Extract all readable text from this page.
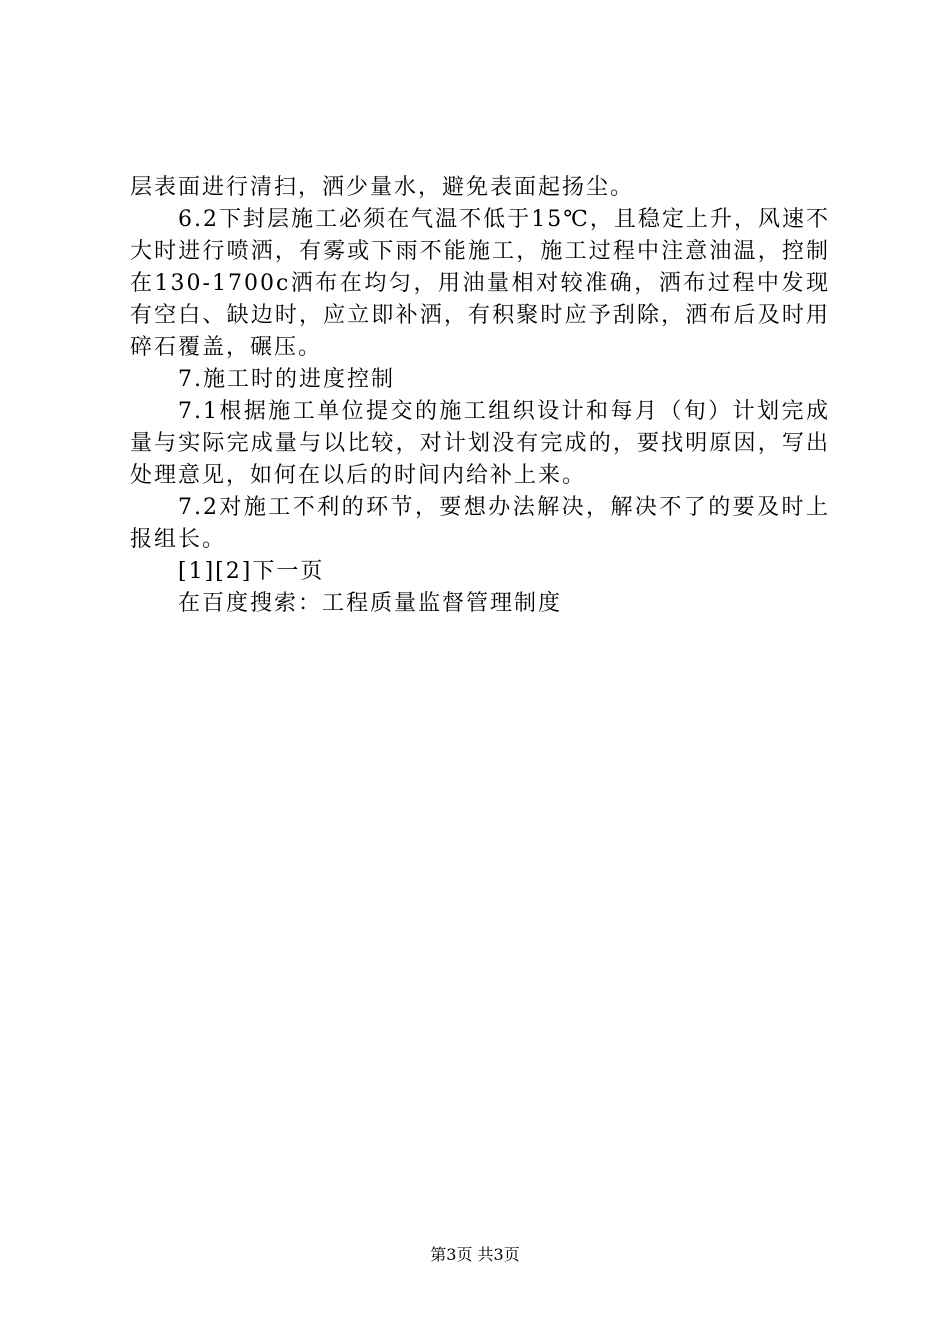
层表面进行清扫，洒少量水，避免表面起扬尘。

6.2下封层施工必须在气温不低于15℃，且稳定上升，风速不大时进行喷洒，有雾或下雨不能施工，施工过程中注意油温，控制在130-1700c洒布在均匀，用油量相对较准确，洒布过程中发现有空白、缺边时，应立即补洒，有积聚时应予刮除，洒布后及时用碎石覆盖，碾压。

7.施工时的进度控制

7.1根据施工单位提交的施工组织设计和每月（旬）计划完成量与实际完成量与以比较，对计划没有完成的，要找明原因，写出处理意见，如何在以后的时间内给补上来。

7.2对施工不利的环节，要想办法解决，解决不了的要及时上报组长。

[1][2]下一页

在百度搜索：工程质量监督管理制度

第3页 共3页
